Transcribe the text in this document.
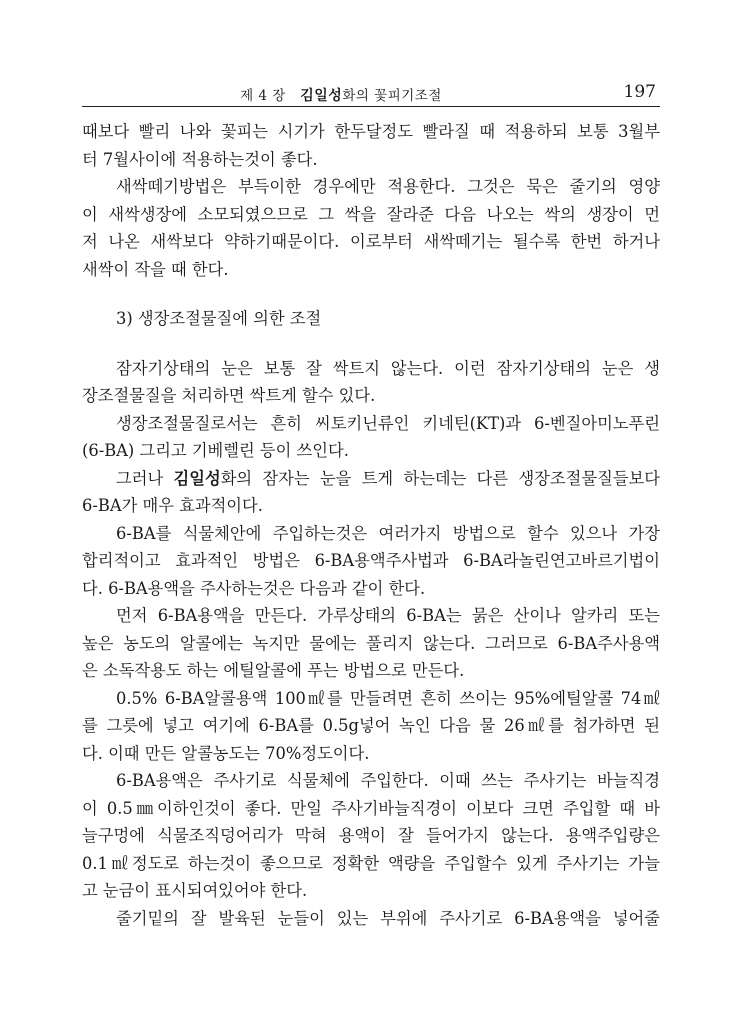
제 4 장 김일성화의 꽃피기조절	197
때보다 빨리 나와 꽃피는 시기가 한두달정도 빨라질 때 적용하되 보통 3월부
터 7월사이에 적용하는것이 좋다.
새싹떼기방법은 부득이한 경우에만 적용한다. 그것은 묵은 줄기의 영양
이 새싹생장에 소모되였으므로 그 싹을 잘라준 다음 나오는 싹의 생장이 먼
저 나온 새싹보다 약하기때문이다. 이로부터 새싹떼기는 될수록 한번 하거나
새싹이 작을 때 한다.
3) 생장조절물질에 의한 조절
잠자기상태의 눈은 보통 잘 싹트지 않는다. 이런 잠자기상태의 눈은 생
장조절물질을 처리하면 싹트게 할수 있다.
생장조절물질로서는 흔히 씨토키닌류인 키네틴(KT)과 6-벤질아미노푸린
(6-BA) 그리고 기베렐린 등이 쓰인다.
그러나 김일성화의 잠자는 눈을 트게 하는데는 다른 생장조절물질들보다
6-BA가 매우 효과적이다.
6-BA를 식물체안에 주입하는것은 여러가지 방법으로 할수 있으나 가장
합리적이고 효과적인 방법은 6-BA용액주사법과 6-BA라놀린연고바르기법이
다. 6-BA용액을 주사하는것은 다음과 같이 한다.
먼저 6-BA용액을 만든다. 가루상태의 6-BA는 묽은 산이나 알카리 또는
높은 농도의 알콜에는 녹지만 물에는 풀리지 않는다. 그러므로 6-BA주사용액
은 소독작용도 하는 에틸알콜에 푸는 방법으로 만든다.
0.5% 6-BA알콜용액 100㎖를 만들려면 흔히 쓰이는 95%에틸알콜 74㎖
를 그릇에 넣고 여기에 6-BA를 0.5g넣어 녹인 다음 물 26㎖를 첨가하면 된
다. 이때 만든 알콜농도는 70%정도이다.
6-BA용액은 주사기로 식물체에 주입한다. 이때 쓰는 주사기는 바늘직경
이 0.5㎜이하인것이 좋다. 만일 주사기바늘직경이 이보다 크면 주입할 때 바
늘구멍에 식물조직덩어리가 막혀 용액이 잘 들어가지 않는다. 용액주입량은
0.1㎖정도로 하는것이 좋으므로 정확한 액량을 주입할수 있게 주사기는 가늘
고 눈금이 표시되여있어야 한다.
줄기밑의 잘 발육된 눈들이 있는 부위에 주사기로 6-BA용액을 넣어줄
